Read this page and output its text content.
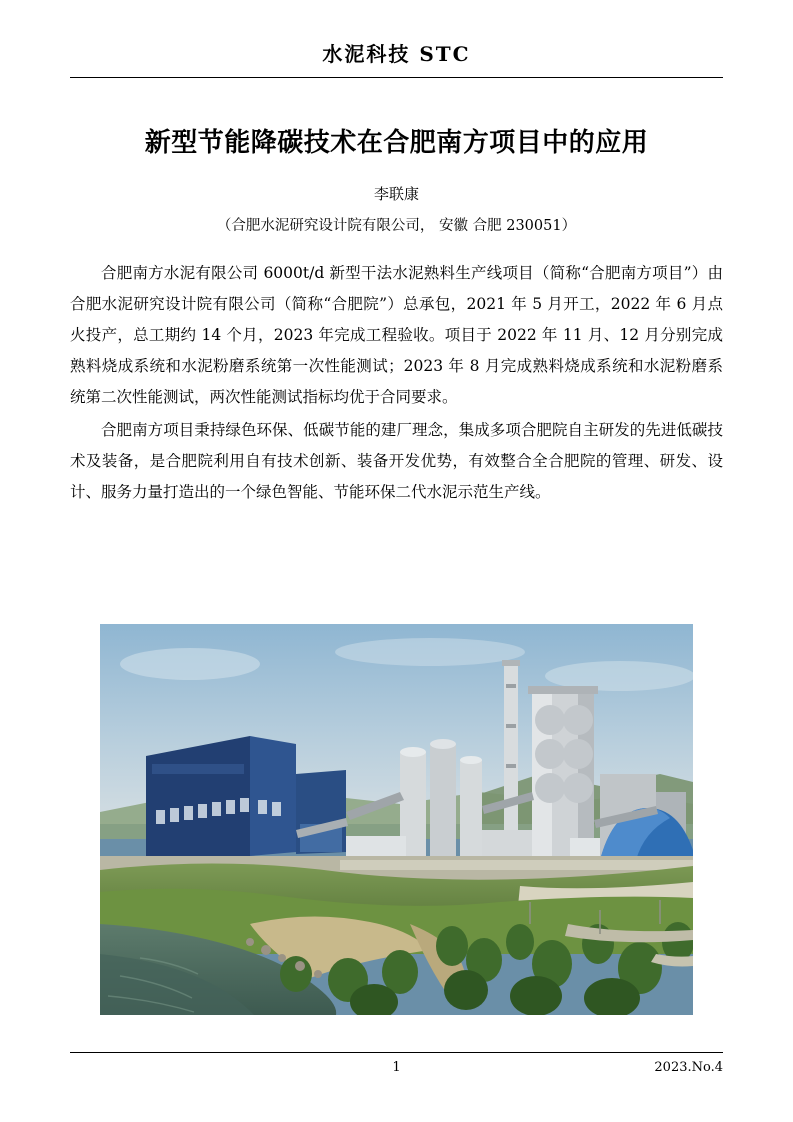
水泥科技 STC
新型节能降碳技术在合肥南方项目中的应用
李联康
（合肥水泥研究设计院有限公司， 安徽 合肥 230051）

合肥南方水泥有限公司 6000t/d 新型干法水泥熟料生产线项目（简称“合肥南方项目”）由合肥水泥研究设计院有限公司（简称“合肥院”）总承包，2021 年 5 月开工，2022 年 6 月点火投产，总工期约 14 个月，2023 年完成工程验收。项目于 2022 年 11 月、12 月分别完成熟料烧成系统和水泥粉磨系统第一次性能测试；2023 年 8 月完成熟料烧成系统和水泥粉磨系统第二次性能测试，两次性能测试指标均优于合同要求。

合肥南方项目秉持绿色环保、低碳节能的建厂理念，集成多项合肥院自主研发的先进低碳技术及装备，是合肥院利用自有技术创新、装备开发优势，有效整合全合肥院的管理、研发、设计、服务力量打造出的一个绿色智能、节能环保二代水泥示范生产线。

1	2023.No.4
